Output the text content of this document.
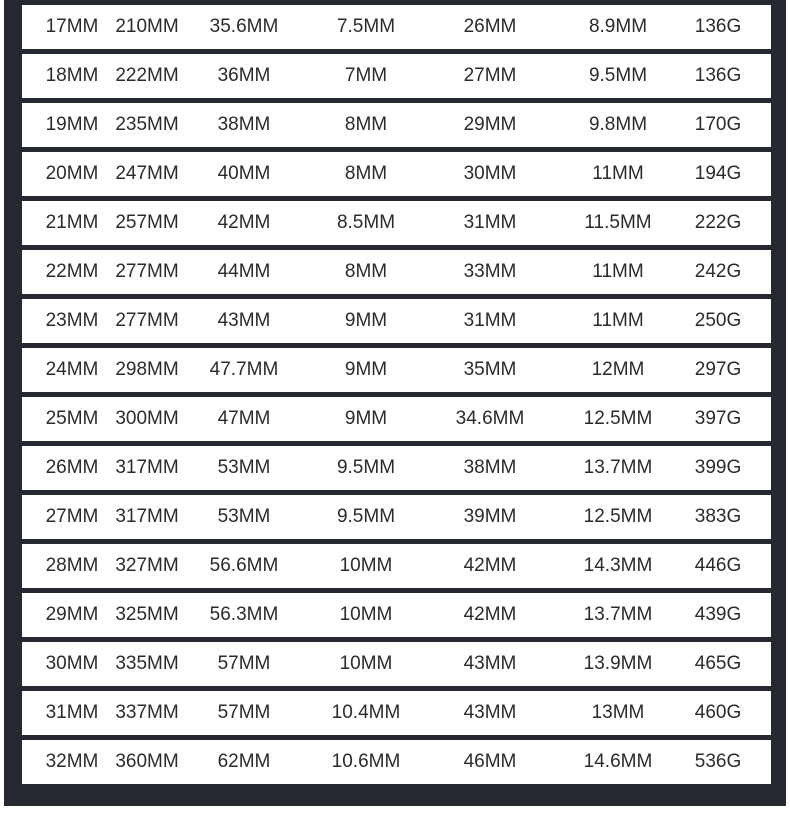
17MM 210MM	35.6MM	7.5MM	26MM	8.9MM	136G
18MM 222MM	36MM	7MM	27MM	9.5MM	136G
19MM 235MM	38MM	8MM	29MM	9.8MM	170G
20MM 247MM	40MM	8MM	30MM	11MM	194G
21MM 257MM	42MM	8.5MM	31MM	11.5MM	222G
22MM 277MM	44MM	8MM	33MM	11MM	242G
23MM 277MM	43MM	9MM	31MM	11MM	250G
24MM 298MM	47.7MM	9MM	35MM	12MM	297G
25MM 300MM	47MM	9MM	34.6MM	12.5MM	397G
26MM 317MM	53MM	9.5MM	38MM	13.7MM	399G
27MM 317MM	53MM	9.5MM	39MM	12.5MM	383G
28MM 327MM	56.6MM	10MM	42MM	14.3MM	446G
29MM 325MM	56.3MM	10MM	42MM	13.7MM	439G
30MM 335MM	57MM	10MM	43MM	13.9MM	465G
31MM 337MM	57MM	10.4MM	43MM	13MM	460G
32MM 360MM	62MM	10.6MM	46MM	14.6MM	536G
